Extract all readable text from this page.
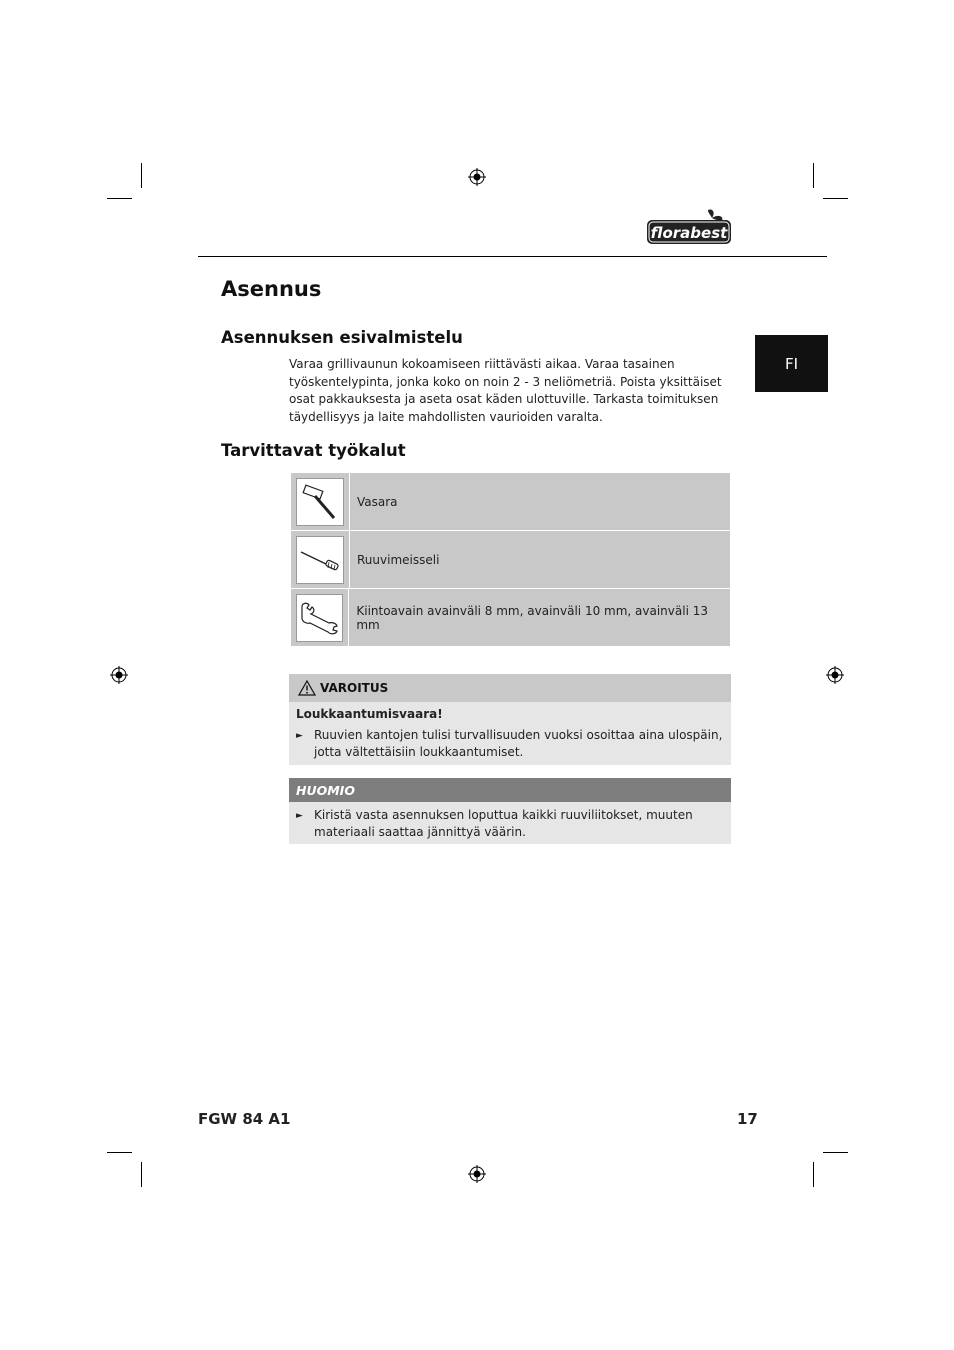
florabest
Asennus
FI
Asennuksen esivalmistelu
Varaa grillivaunun kokoamiseen riittävästi aikaa. Varaa tasainen työskentelypinta, jonka koko on noin 2 - 3 neliömetriä. Poista yksittäiset osat pakkauksesta ja aseta osat käden ulottuville. Tarkasta toimituksen täydellisyys ja laite mahdollisten vaurioiden varalta.
Tarvittavat työkalut
Vasara
Ruuvimeisseli
Kiintoavain avainväli 8 mm, avainväli 10 mm, avainväli 13 mm
VAROITUS
Loukkaantumisvaara!
► Ruuvien kantojen tulisi turvallisuuden vuoksi osoittaa aina ulospäin, jotta vältettäisiin loukkaantumiset.
HUOMIO
► Kiristä vasta asennuksen loputtua kaikki ruuviliitokset, muuten materiaali saattaa jännittyä väärin.
FGW 84 A1	17
